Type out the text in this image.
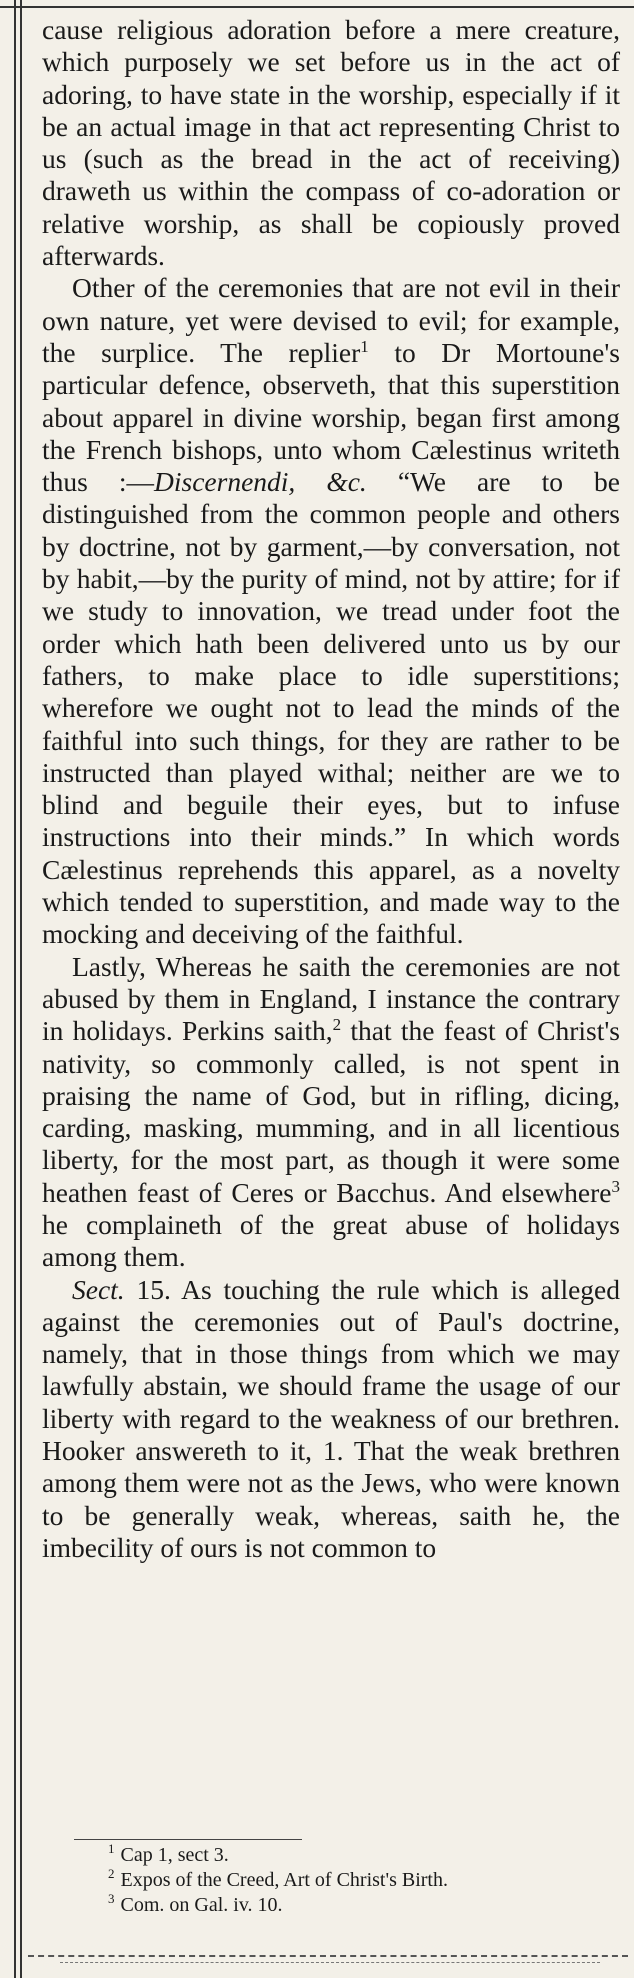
cause religious adoration before a mere creature, which purposely we set before us in the act of adoring, to have state in the worship, especially if it be an actual image in that act representing Christ to us (such as the bread in the act of receiving) draweth us within the compass of co-adoration or relative worship, as shall be copiously proved afterwards.

Other of the ceremonies that are not evil in their own nature, yet were devised to evil; for example, the surplice. The replier$^1$ to Dr Mortoune's particular defence, observeth, that this superstition about apparel in divine worship, began first among the French bishops, unto whom Cælestinus writeth thus :—Discernendi, &c. “We are to be distinguished from the common people and others by doctrine, not by garment,—by conversation, not by habit,—by the purity of mind, not by attire; for if we study to innovation, we tread under foot the order which hath been delivered unto us by our fathers, to make place to idle superstitions; wherefore we ought not to lead the minds of the faithful into such things, for they are rather to be instructed than played withal; neither are we to blind and beguile their eyes, but to infuse instructions into their minds.” In which words Cælestinus reprehends this apparel, as a novelty which tended to superstition, and made way to the mocking and deceiving of the faithful.

Lastly, Whereas he saith the ceremonies are not abused by them in England, I instance the contrary in holidays. Perkins saith,$^2$ that the feast of Christ's nativity, so commonly called, is not spent in praising the name of God, but in rifling, dicing, carding, masking, mumming, and in all licentious liberty, for the most part, as though it were some heathen feast of Ceres or Bacchus. And elsewhere$^3$ he complaineth of the great abuse of holidays among them.

Sect. 15. As touching the rule which is alleged against the ceremonies out of Paul's doctrine, namely, that in those things from which we may lawfully abstain, we should frame the usage of our liberty with regard to the weakness of our brethren. Hooker answereth to it, 1. That the weak brethren among them were not as the Jews, who were known to be generally weak, whereas, saith he, the imbecility of ours is not common to

$^1$ Cap 1, sect 3.
$^2$ Expos of the Creed, Art of Christ's Birth.
$^3$ Com. on Gal. iv. 10.
